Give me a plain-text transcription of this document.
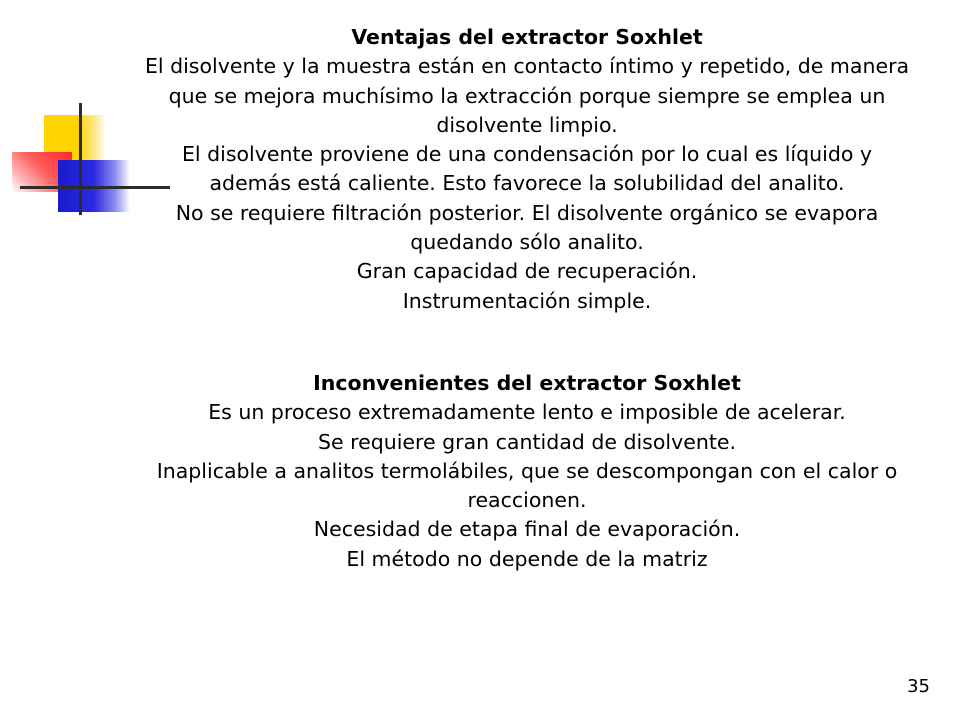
Ventajas del extractor Soxhlet
El disolvente y la muestra están en contacto íntimo y repetido, de manera
que se mejora muchísimo la extracción porque siempre se emplea un
disolvente limpio.
El disolvente proviene de una condensación por lo cual es líquido y
además está caliente. Esto favorece la solubilidad del analito.
No se requiere filtración posterior. El disolvente orgánico se evapora
quedando sólo analito.
Gran capacidad de recuperación.
Instrumentación simple.
Inconvenientes del extractor Soxhlet
Es un proceso extremadamente lento e imposible de acelerar.
Se requiere gran cantidad de disolvente.
Inaplicable a analitos termolábiles, que se descompongan con el calor o
reaccionen.
Necesidad de etapa final de evaporación.
El método no depende de la matriz
35
